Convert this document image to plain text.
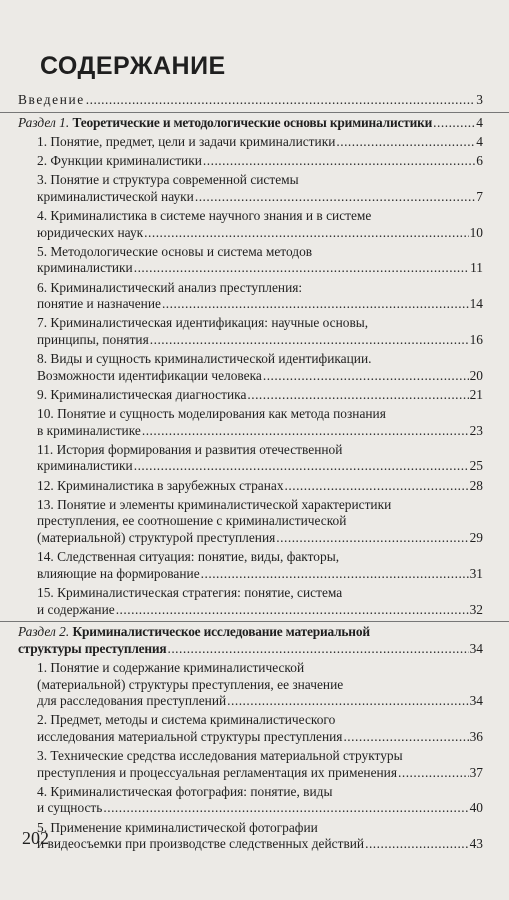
СОДЕРЖАНИЕ
Введение .....	3
Раздел 1. Теоретические и методологические основы криминалистики .....	4
1. Понятие, предмет, цели и задачи криминалистики .....	4
2. Функции криминалистики .....	6
3. Понятие и структура современной системы
криминалистической науки .....	7
4. Криминалистика в системе научного знания и в системе
юридических наук .....	10
5. Методологические основы и система методов
криминалистики .....	11
6. Криминалистический анализ преступления:
понятие и назначение .....	14
7. Криминалистическая идентификация: научные основы,
принципы, понятия .....	16
8. Виды и сущность криминалистической идентификации.
Возможности идентификации человека .....	20
9. Криминалистическая диагностика .....	21
10. Понятие и сущность моделирования как метода познания
в криминалистике .....	23
11. История формирования и развития отечественной
криминалистики .....	25
12. Криминалистика в зарубежных странах .....	28
13. Понятие и элементы криминалистической характеристики
преступления, ее соотношение с криминалистической
(материальной) структурой преступления .....	29
14. Следственная ситуация: понятие, виды, факторы,
влияющие на формирование .....	31
15. Криминалистическая стратегия: понятие, система
и содержание .....	32
Раздел 2. Криминалистическое исследование материальной
структуры преступления .....	34
1. Понятие и содержание криминалистической
(материальной) структуры преступления, ее значение
для расследования преступлений .....	34
2. Предмет, методы и система криминалистического
исследования материальной структуры преступления .....	36
3. Технические средства исследования материальной структуры
преступления и процессуальная регламентация их применения .....	37
4. Криминалистическая фотография: понятие, виды
и сущность .....	40
5. Применение криминалистической фотографии
и видеосъемки при производстве следственных действий .....	43
202
